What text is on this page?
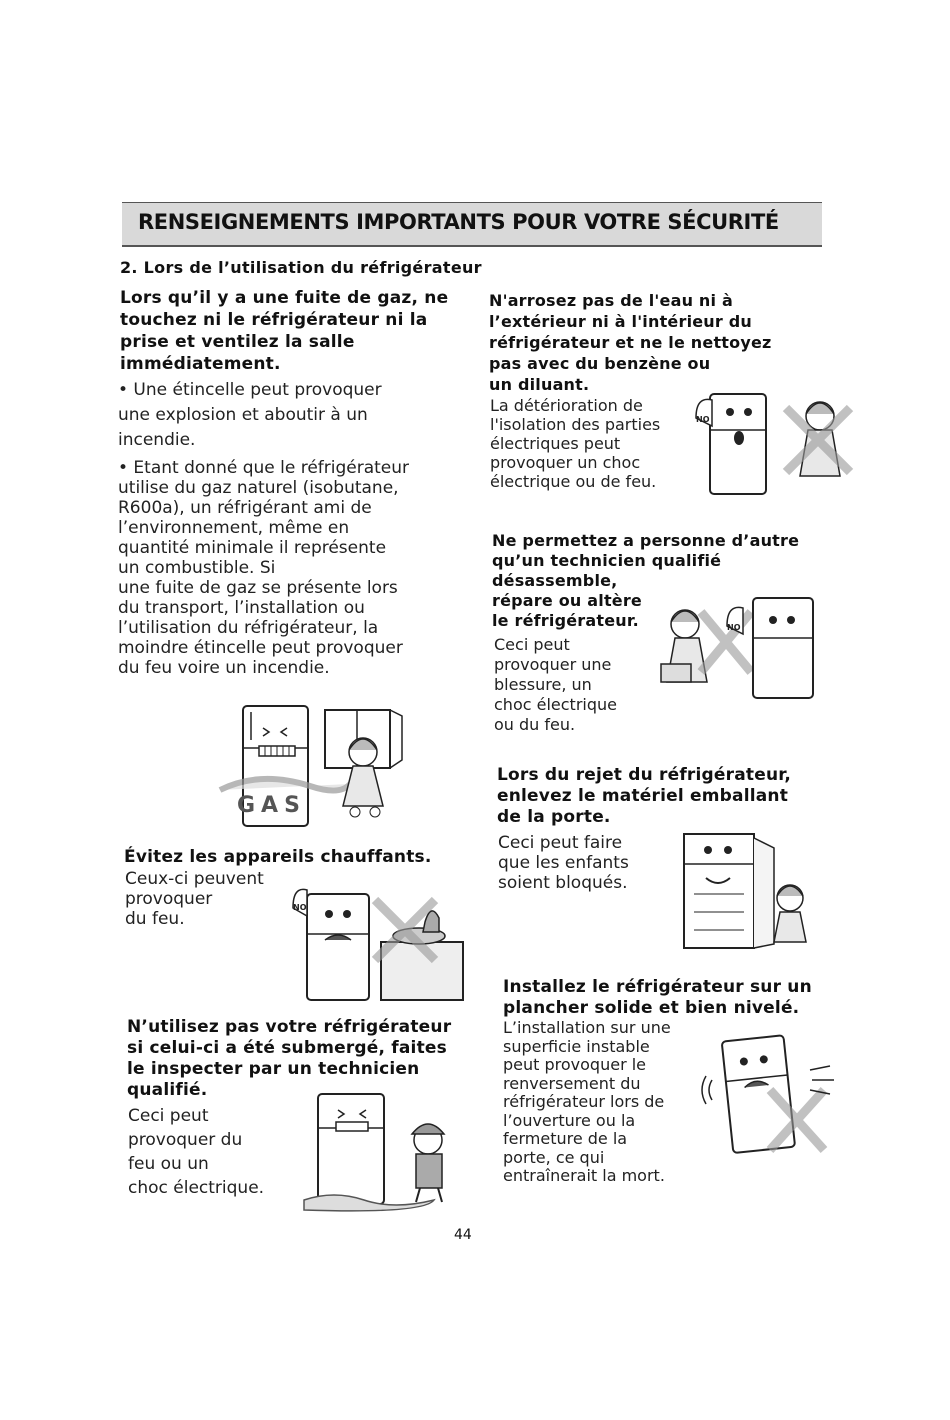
RENSEIGNEMENTS IMPORTANTS POUR VOTRE SÉCURITÉ
2. Lors de l’utilisation du réfrigérateur
Lors qu’il y a une fuite de gaz, ne
touchez ni le réfrigérateur ni la
prise et ventilez la salle
immédiatement.
• Une étincelle peut provoquer
une explosion et aboutir à un
incendie.
• Etant donné que le réfrigérateur
utilise du gaz naturel (isobutane,
R600a), un réfrigérant ami de
l’environnement, même en
quantité minimale il représente
un combustible. Si
une fuite de gaz se présente lors
du transport, l’installation ou
l’utilisation du réfrigérateur, la
moindre étincelle peut provoquer
du feu voire un incendie.
GAS
Évitez les appareils chauffants.
Ceux-ci peuvent
provoquer
du feu.
NO
N’utilisez pas votre réfrigérateur
si celui-ci a été submergé, faites
le inspecter par un technicien
qualifié.
Ceci peut
provoquer du
feu ou un
choc électrique.
N'arrosez pas de l'eau ni à
l’extérieur ni à l'intérieur du
réfrigérateur et ne le nettoyez
pas avec du benzène ou
un diluant.
La détérioration de
l'isolation des parties
électriques peut
provoquer un choc
électrique ou de feu.
NO
Ne permettez a personne d’autre
qu’un technicien qualifié
désassemble,
répare ou altère
le réfrigérateur.
Ceci peut
provoquer une
blessure, un
choc électrique
ou du feu.
NO
Lors du rejet du réfrigérateur,
enlevez le matériel emballant
de la porte.
Ceci peut faire
que les enfants
soient bloqués.
Installez le réfrigérateur sur un
plancher solide et bien nivelé.
L’installation sur une
superficie instable
peut provoquer le
renversement du
réfrigérateur lors de
l’ouverture ou la
fermeture de la
porte, ce qui
entraînerait la mort.
44
